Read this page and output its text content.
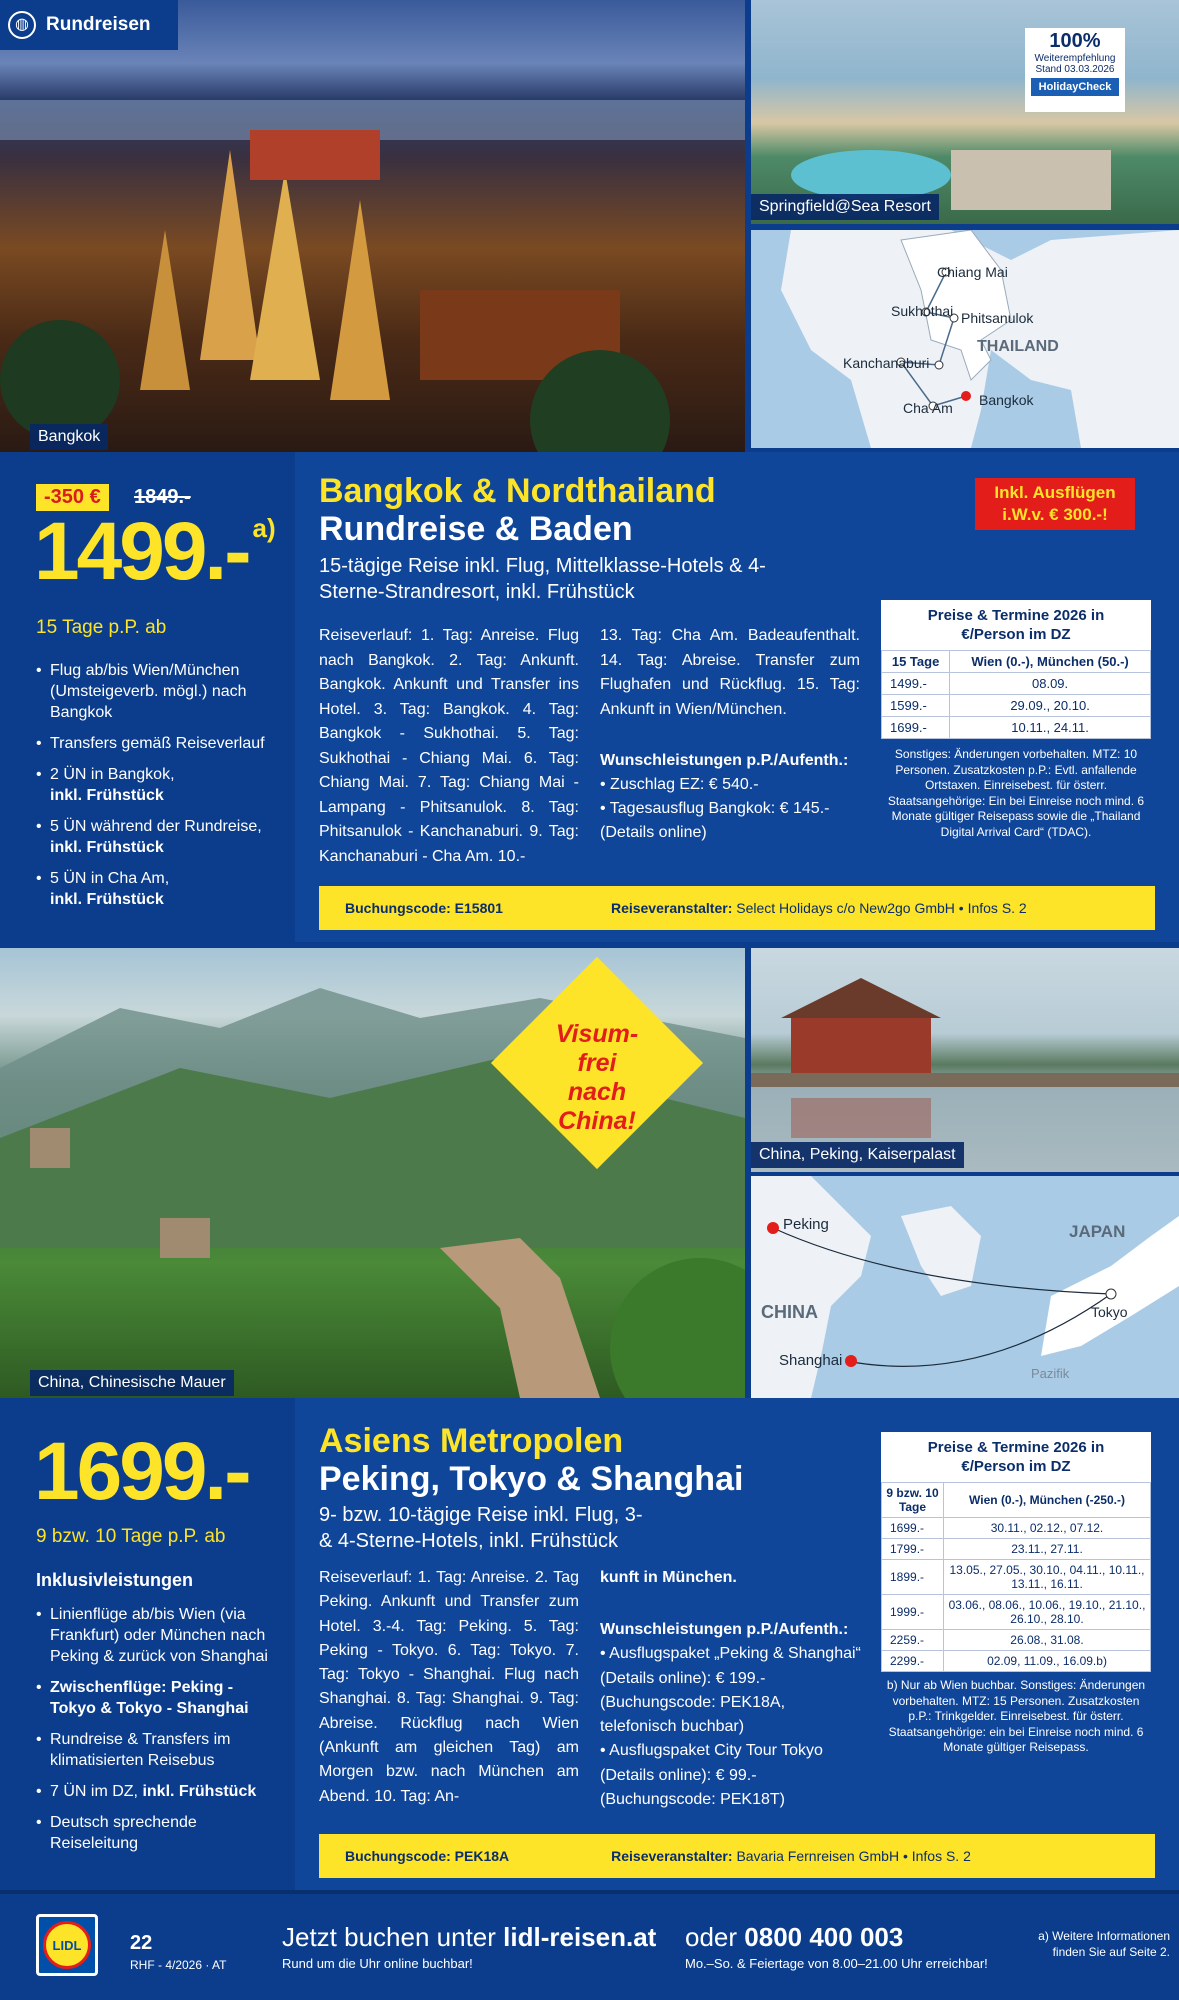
Bangkok
◍ Rundreisen
100%
Weiterempfehlung
Stand 03.03.2026
HolidayCheck
Springfield@Sea Resort
Chiang Mai
Sukhothai Phitsanulok
THAILAND
Kanchanaburi
Bangkok
Cha Am
-350 €	1849.-
1499.- $^{a)}$
15 Tage p.P. ab
• Flug ab/bis Wien/München (Umsteigeverb. mögl.) nach Bangkok
• Transfers gemäß Reiseverlauf
• 2 ÜN in Bangkok,
inkl. Frühstück
• 5 ÜN während der Rundreise,
inkl. Frühstück
• 5 ÜN in Cha Am,
inkl. Frühstück
Bangkok & Nordthailand
Rundreise & Baden
15-tägige Reise inkl. Flug, Mittelklasse-Hotels & 4-Sterne-Strandresort, inkl. Frühstück
Inkl. Ausflügen i.W.v. € 300.-!
Reiseverlauf: 1. Tag: Anreise. Flug nach Bangkok. 2. Tag: Ankunft. Bangkok. Ankunft und Transfer ins Hotel. 3. Tag: Bangkok. 4. Tag: Bangkok - Sukhothai. 5. Tag: Sukhothai - Chiang Mai. 6. Tag: Chiang Mai. 7. Tag: Chiang Mai - Lampang - Phitsanulok. 8. Tag: Phitsanulok - Kanchanaburi. 9. Tag: Kanchanaburi - Cha Am. 10.-
13. Tag: Cha Am. Badeaufenthalt. 14. Tag: Abreise. Transfer zum Flughafen und Rückflug. 15. Tag: Ankunft in Wien/München.
Wunschleistungen p.P./Aufenth.:
• Zuschlag EZ: € 540.-
• Tagesausflug Bangkok: € 145.- (Details online)
Preise & Termine 2026 in €/Person im DZ
15 Tage	Wien (0.-), München (50.-)
1499.-	08.09.
1599.-	29.09., 20.10.
1699.-	10.11., 24.11.
Sonstiges: Änderungen vorbehalten. MTZ: 10 Personen. Zusatzkosten p.P.: Evtl. anfallende Ortstaxen. Einreisebest. für österr. Staatsangehörige: Ein bei Einreise noch mind. 6 Monate gültiger Reisepass sowie die „Thailand Digital Arrival Card“ (TDAC).
Buchungscode:
E15801	Reiseveranstalter:
Select Holidays c/o New2go GmbH • Infos S. 2
Visum-frei nach China!
China, Chinesische Mauer
China, Peking, Kaiserpalast
Peking	JAPAN
Tokyo
CHINA
Shanghai
Pazifik
1699.-
9 bzw. 10 Tage p.P. ab
Inklusivleistungen
• Linienflüge ab/bis Wien (via Frankfurt) oder München nach Peking & zurück von Shanghai
• Zwischenflüge: Peking - Tokyo & Tokyo - Shanghai
• Rundreise & Transfers im klimatisierten Reisebus
• 7 ÜN im DZ, inkl. Frühstück
• Deutsch sprechende Reiseleitung
Asiens Metropolen
Peking, Tokyo & Shanghai
9- bzw. 10-tägige Reise inkl. Flug, 3- & 4-Sterne-Hotels, inkl. Frühstück
Reiseverlauf: 1. Tag: Anreise. 2. Tag Peking. Ankunft und Transfer zum Hotel. 3.-4. Tag: Peking. 5. Tag: Peking - Tokyo. 6. Tag: Tokyo. 7. Tag: Tokyo - Shanghai. Flug nach Shanghai. 8. Tag: Shanghai. 9. Tag: Abreise. Rückflug nach Wien (Ankunft am gleichen Tag) am Morgen bzw. nach München am Abend. 10. Tag: An-
kunft in München.
Wunschleistungen p.P./Aufenth.:
• Ausflugspaket „Peking & Shanghai“ (Details online): € 199.- (Buchungscode: PEK18A, telefonisch buchbar)
• Ausflugspaket City Tour Tokyo (Details online): € 99.- (Buchungscode: PEK18T)
Preise & Termine 2026 in €/Person im DZ
9 bzw. 10 Tage	Wien (0.-), München (-250.-)
1699.-	30.11., 02.12., 07.12.
1799.-	23.11., 27.11.
1899.-	13.05., 27.05., 30.10., 04.11., 10.11., 13.11., 16.11.
1999.-	03.06., 08.06., 10.06., 19.10., 21.10., 26.10., 28.10.
2259.-	26.08., 31.08.
2299.-	02.09, 11.09., 16.09.b)
b) Nur ab Wien buchbar. Sonstiges: Änderungen vorbehalten. MTZ: 15 Personen. Zusatzkosten p.P.: Trinkgelder. Einreisebest. für österr. Staatsangehörige: ein bei Einreise noch mind. 6 Monate gültiger Reisepass.
Buchungscode:
PEK18A	Reiseveranstalter:
Bavaria Fernreisen GmbH • Infos S. 2
LIDL 22
RHF - 4/2026 · AT
Jetzt buchen unter lidl-reisen.at
Rund um die Uhr online buchbar!
oder 0800 400 003
Mo.–So. & Feiertage von 8.00–21.00 Uhr erreichbar!
a) Weitere Informationen finden Sie auf Seite 2.
